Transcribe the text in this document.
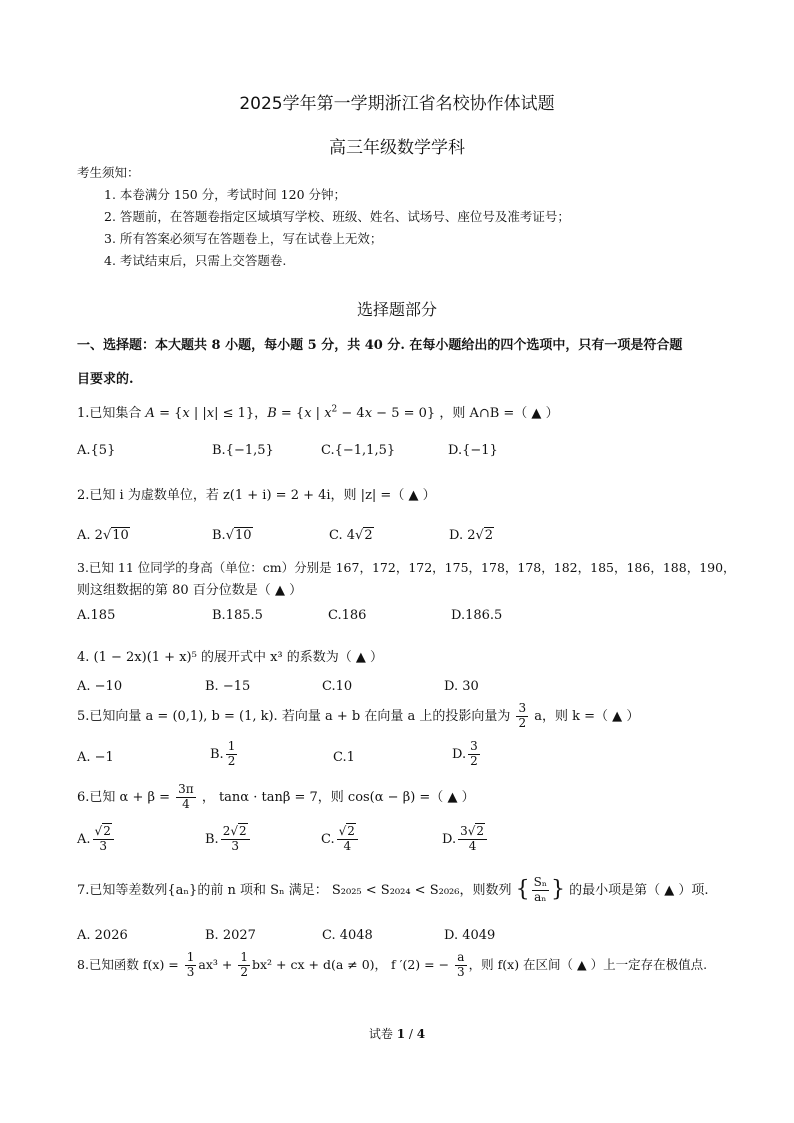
2025学年第一学期浙江省名校协作体试题
高三年级数学学科
考生须知：
1. 本卷满分 150 分，考试时间 120 分钟；
2. 答题前，在答题卷指定区域填写学校、班级、姓名、试场号、座位号及准考证号；
3. 所有答案必须写在答题卷上，写在试卷上无效；
4. 考试结束后，只需上交答题卷.
选择题部分
一、选择题：本大题共 8 小题，每小题 5 分，共 40 分. 在每小题给出的四个选项中，只有一项是符合题
目要求的.
1.已知集合 A = {x | |x| ≤ 1}，B = {x | $x^2 - 4x - 5 = 0$} ，则 A∩B =（ ▲ ）
A.{5}	B.{−1,5}	C.{−1,1,5}	D.{−1}
2.已知 i 为虚数单位，若 z(1 + i) = 2 + 4i，则 |z| =（ ▲ ）
A. 2√10	B.√10	C. 4√2	D. 2√2
3.已知 11 位同学的身高（单位：cm）分别是 167，172，172，175，178，178，182，185，186，188，190，
则这组数据的第 80 百分位数是（ ▲ ）
A.185	B.185.5	C.186	D.186.5
4. (1 − 2x)(1 + x)⁵ 的展开式中 x³ 的系数为（ ▲ ）
A. −10	B. −15	C.10	D. 30
5.已知向量 a = (0,1), b = (1, k). 若向量 a + b 在向量 a 上的投影向量为 $\frac{3}{2}$ a，则 k =（ ▲ ）
A. −1	B. $\frac{1}{2}$	C.1	D. $\frac{3}{2}$
6.已知 $\alpha + \beta = \frac{3\pi}{4}$ ， tanα · tanβ = 7，则 cos(α − β) =（ ▲ ）
A. $\frac{√2}{3}$	B. $\frac{2√2}{3}$	C. $\frac{√2}{4}$	D. $\frac{3√2}{4}$
7.已知等差数列{aₙ}的前 n 项和 Sₙ 满足： S₂₀₂₅ < S₂₀₂₄ < S₂₀₂₆，则数列 { $\frac{\text{Sₙ}}{\text{aₙ}}$ } 的最小项是第（ ▲ ）项.
A. 2026	B. 2027	C. 4048	D. 4049
8.已知函数 $f(x) = \frac{1}{3} ax^3 + \frac{1}{2} bx^2$ + cx + d(a ≠ 0)， f ′(2) = − $\frac{a}{3}$ ，则 f(x) 在区间（ ▲ ）上一定存在极值点.
试卷 1 / 4
